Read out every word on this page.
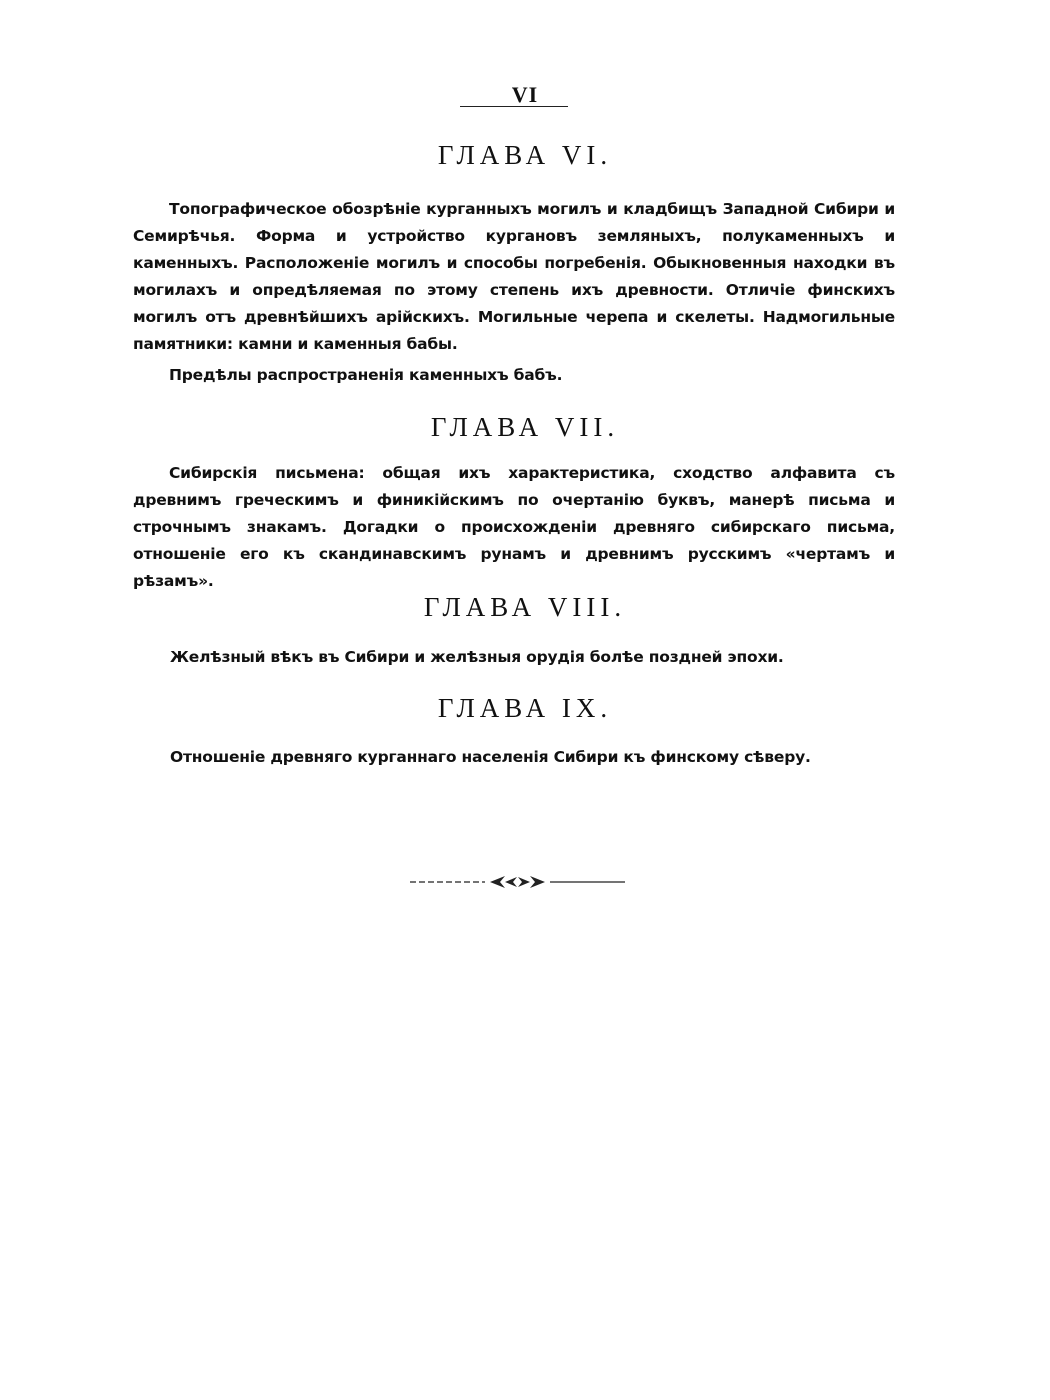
VI
ГЛАВА VI.

Топографическое обозрѣніе курганныхъ могилъ и кладбищъ Западной Сибири и Семирѣчья. Форма и устройство кургановъ земляныхъ, полукаменныхъ и каменныхъ. Расположеніе могилъ и способы погребенія. Обыкновенныя находки въ могилахъ и опредѣляемая по этому степень ихъ древности. Отличіе финскихъ могилъ отъ древнѣйшихъ арійскихъ. Могильные черепа и скелеты. Надмогильные памятники: камни и каменныя бабы.

Предѣлы распространенія каменныхъ бабъ.

ГЛАВА VII.

Сибирскія письмена: общая ихъ характеристика, сходство алфавита съ древнимъ греческимъ и финикійскимъ по очертанію буквъ, манерѣ письма и строчнымъ знакамъ. Догадки о происхожденіи древняго сибирскаго письма, отношеніе его къ скандинавскимъ рунамъ и древнимъ русскимъ «чертамъ и рѣзамъ».

ГЛАВА VIII.

Желѣзный вѣкъ въ Сибири и желѣзныя орудія болѣе поздней эпохи.

ГЛАВА IX.

Отношеніе древняго курганнаго населенія Сибири къ финскому сѣверу.
